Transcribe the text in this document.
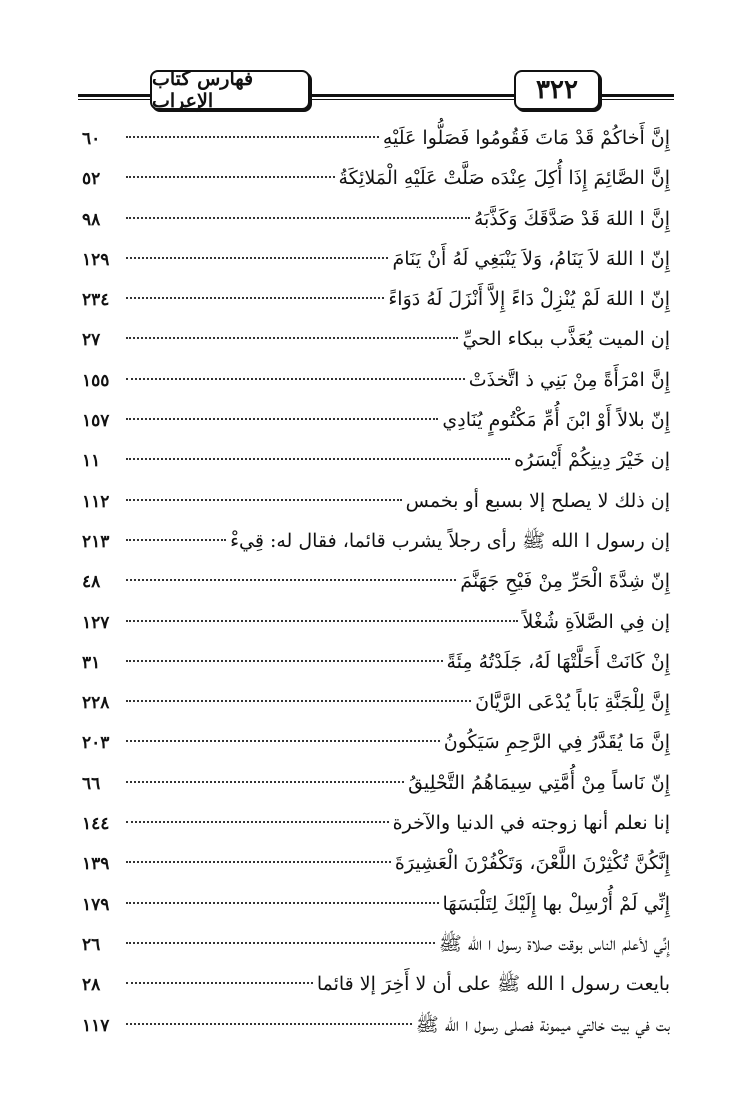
فهارس كتاب الإعراب	٣٢٢
إِنَّ أَخاكُمْ قَدْ مَاتَ فَقُومُوا فَصَلُّوا عَلَيْهِ
٦٠
إِنَّ الصَّائِمَ إِذَا أُكِلَ عِنْدَه صَلَّتْ عَلَيْهِ الْمَلائِكَةُ
٥٢
إِنَّ ا اللهَ قَدْ صَدَّقَكَ وَكَذَّبَهُ
٩٨
إِنّ ا اللهَ لاَ يَنَامُ، وَلاَ يَنْبَغِي لَهُ أَنْ يَنَامَ
١٢٩
إِنّ ا اللهَ لَمْ يُنْزِلْ دَاءً إِلاَّ أَنْزَلَ لَهُ دَوَاءً
٢٣٤
إن الميت يُعَذَّب ببكاء الحيِّ
٢٧
إِنَّ امْرَأَةً مِنْ بَنِي ذ اتَّخذَتْ
١٥٥
إِنّ بلالاً أَوْ ابْنَ أُمِّ مَكْتُومٍ يُنَادِي
١٥٧
إن خَيْرَ دِينِكُمْ أَيْسَرُه
١١
إن ذلك لا يصلح إلا بسبع أو بخمس
١١٢
إن رسول ا الله ﷺ رأى رجلاً يشرب قائما، فقال له: قِيءْ
٢١٣
إِنّ شِدَّةَ الْحَرِّ مِنْ فَيْحِ جَهَنَّمَ
٤٨
إن فِي الصَّلاَةِ شُغْلاً
١٢٧
إِنْ كَانَتْ أَحَلَّتْهَا لَهُ، جَلَدْتُهُ مِئَةً
٣١
إِنَّ لِلْجَنَّةِ بَاباً يُدْعَى الرَّيَّانَ
٢٢٨
إِنَّ مَا يُقَدَّرُ فِي الرَّحِمِ سَيَكُونُ
٢٠٣
إِنّ نَاساً مِنْ أُمَّتِي سِيمَاهُمُ التَّحْلِيقُ
٦٦
إنا نعلم أنها زوجته في الدنيا والآخرة
١٤٤
إِنَّكُنَّ تُكْثِرْنَ اللَّعْنَ، وَتَكْفُرْنَ الْعَشِيرَةَ
١٣٩
إِنِّي لَمْ أُرْسِلْ بها إِلَيْكَ لِتَلْبَسَهَا
١٧٩
إِنِّي لأعلم الناس بوقت صلاة رسول ا الله ﷺ
٢٦
بايعت رسول ا الله ﷺ على أن لا أَخِرَ إلا قائما
٢٨
بت في بيت خالتي ميمونة فصلى رسول ا الله ﷺ
١١٧
